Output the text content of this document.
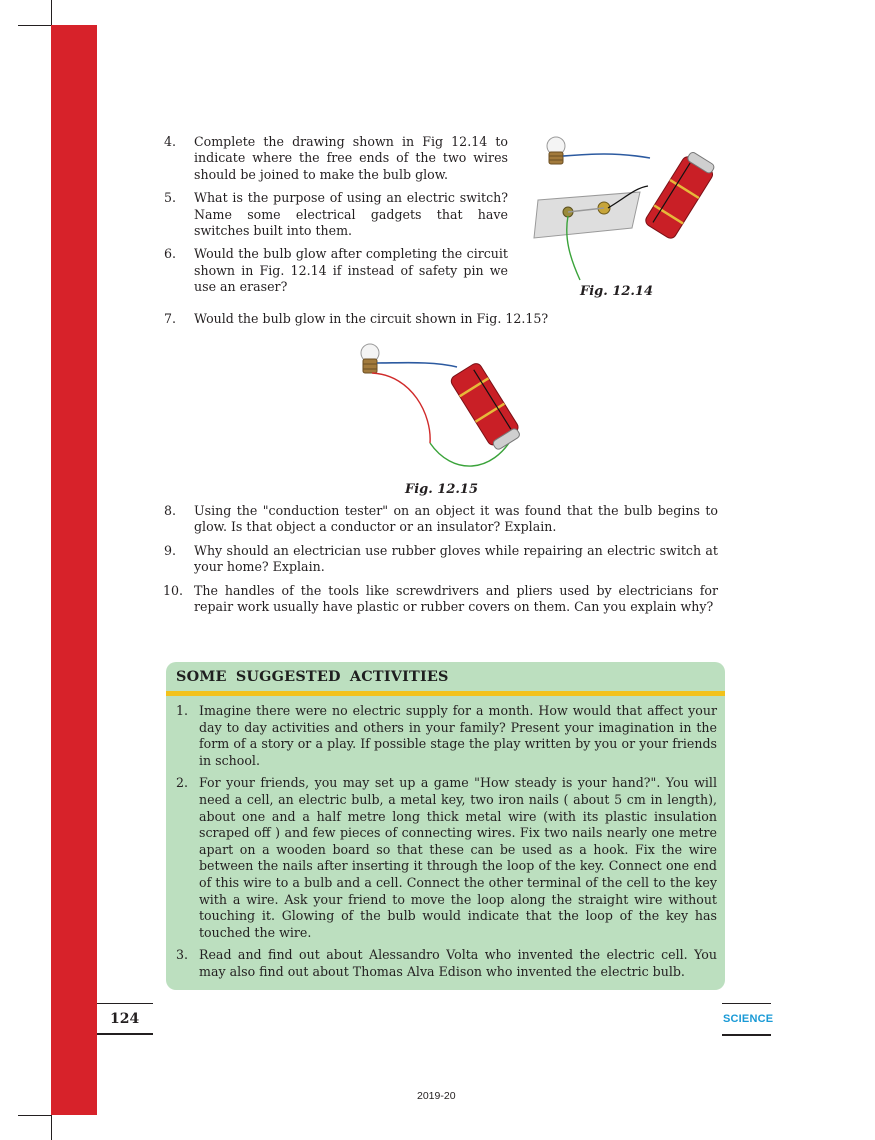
4. Complete the drawing shown in Fig 12.14 to indicate where the free ends of the two wires should be joined to make the bulb glow.
5. What is the purpose of using an electric switch? Name some electrical gadgets that have switches built into them.
6. Would the bulb glow after completing the circuit shown in Fig. 12.14 if instead of safety pin we use an eraser?
7. Would the bulb glow in the circuit shown in Fig. 12.15?
Fig. 12.14
Fig. 12.15
8. Using the "conduction tester" on an object it was found that the bulb begins to glow. Is that object a conductor or an insulator? Explain.
9. Why should an electrician use rubber gloves while repairing an electric switch at your home? Explain.
10. The handles of the tools like screwdrivers and pliers used by electricians for repair work usually have plastic or rubber covers on them. Can you explain why?
SOME SUGGESTED ACTIVITIES
1. Imagine there were no electric supply for a month. How would that affect your day to day activities and others in your family? Present your imagination in the form of a story or a play. If possible stage the play written by you or your friends in school.
2. For your friends, you may set up a game "How steady is your hand?". You will need a cell, an electric bulb, a metal key, two iron nails ( about 5 cm in length), about one and a half metre long thick metal wire (with its plastic insulation scraped off ) and few pieces of connecting wires. Fix two nails nearly one metre apart on a wooden board so that these can be used as a hook. Fix the wire between the nails after inserting it through the loop of the key. Connect one end of this wire to a bulb and a cell. Connect the other terminal of the cell to the key with a wire. Ask your friend to move the loop along the straight wire without touching it. Glowing of the bulb would indicate that the loop of the key has touched the wire.
3. Read and find out about Alessandro Volta who invented the electric cell. You may also find out about Thomas Alva Edison who invented the electric bulb.
124	SCIENCE
2019-20
